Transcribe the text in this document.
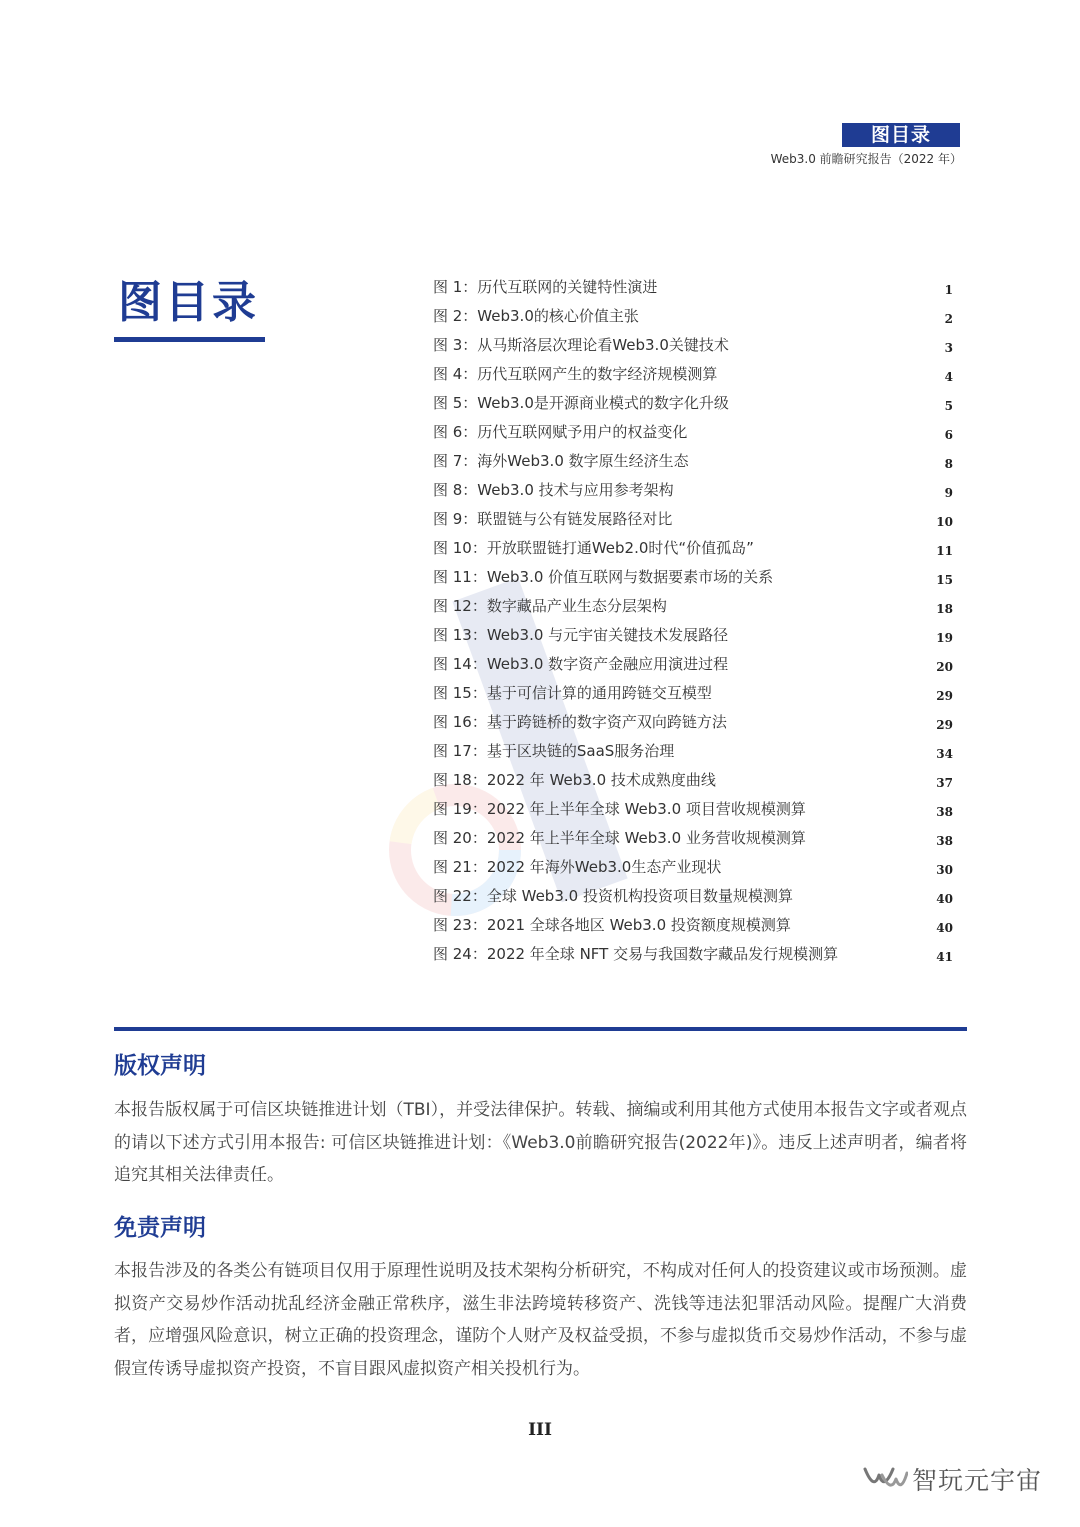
图目录
Web3.0 前瞻研究报告（2022 年）
图目录	图 1：历代互联网的关键特性演进	1
图 2：Web3.0的核心价值主张	2
图 3：从马斯洛层次理论看Web3.0关键技术	3
图 4：历代互联网产生的数字经济规模测算	4
图 5：Web3.0是开源商业模式的数字化升级	5
图 6：历代互联网赋予用户的权益变化	6
图 7：海外Web3.0 数字原生经济生态	8
图 8：Web3.0 技术与应用参考架构	9
图 9：联盟链与公有链发展路径对比	10
图 10：开放联盟链打通Web2.0时代“价值孤岛”	11
图 11：Web3.0 价值互联网与数据要素市场的关系	15
图 12：数字藏品产业生态分层架构	18
图 13：Web3.0 与元宇宙关键技术发展路径	19
图 14：Web3.0 数字资产金融应用演进过程	20
图 15：基于可信计算的通用跨链交互模型	29
图 16：基于跨链桥的数字资产双向跨链方法	29
图 17：基于区块链的SaaS服务治理	34
图 18：2022 年 Web3.0 技术成熟度曲线	37
图 19：2022 年上半年全球 Web3.0 项目营收规模测算	38
图 20：2022 年上半年全球 Web3.0 业务营收规模测算	38
图 21：2022 年海外Web3.0生态产业现状	30
图 22：全球 Web3.0 投资机构投资项目数量规模测算	40
图 23：2021 全球各地区 Web3.0 投资额度规模测算	40
图 24：2022 年全球 NFT 交易与我国数字藏品发行规模测算	41
版权声明
本报告版权属于可信区块链推进计划（TBI），并受法律保护。转载、摘编或利用其他方式使用本报告文字或者观点的请以下述方式引用本报告: 可信区块链推进计划：《Web3.0前瞻研究报告(2022年)》。违反上述声明者，编者将追究其相关法律责任。
免责声明
本报告涉及的各类公有链项目仅用于原理性说明及技术架构分析研究，不构成对任何人的投资建议或市场预测。虚拟资产交易炒作活动扰乱经济金融正常秩序，滋生非法跨境转移资产、洗钱等违法犯罪活动风险。提醒广大消费者，应增强风险意识，树立正确的投资理念，谨防个人财产及权益受损，不参与虚拟货币交易炒作活动，不参与虚假宣传诱导虚拟资产投资，不盲目跟风虚拟资产相关投机行为。
III
智玩元宇宙
